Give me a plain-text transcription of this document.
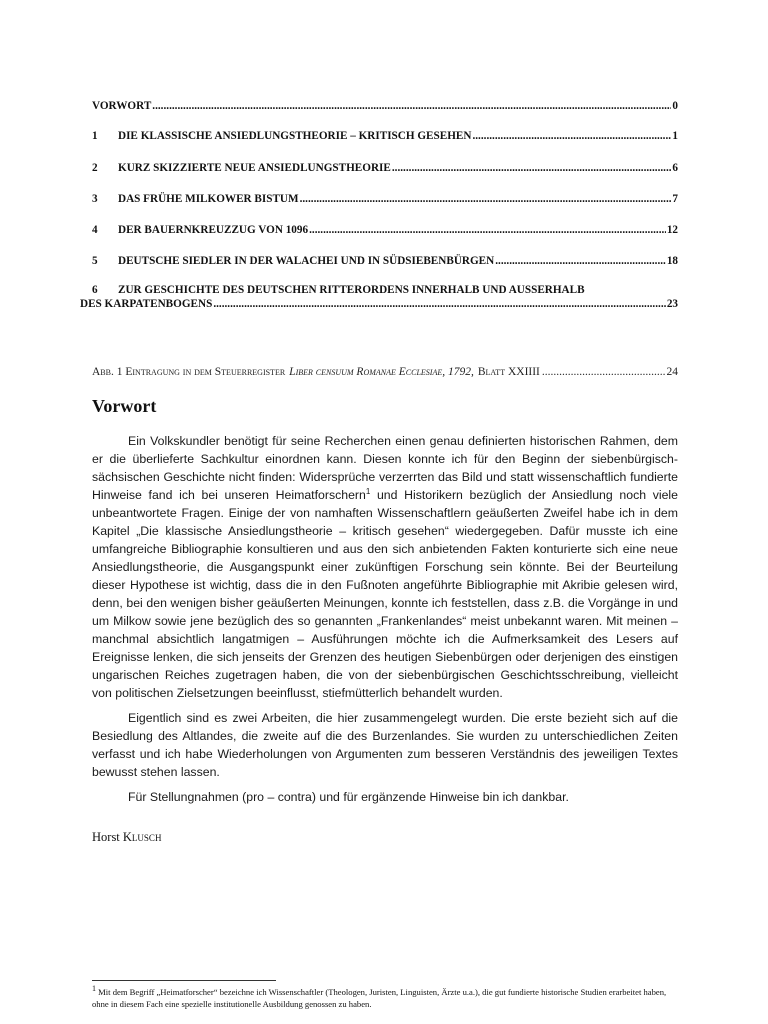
VORWORT .....	0
1	DIE KLASSISCHE ANSIEDLUNGSTHEORIE – KRITISCH GESEHEN .....	1
2	KURZ SKIZZIERTE NEUE ANSIEDLUNGSTHEORIE .....	6
3	DAS FRÜHE MILKOWER BISTUM .....	7
4	DER BAUERNKREUZZUG VON 1096 .....	12
5	DEUTSCHE SIEDLER IN DER WALACHEI UND IN SÜDSIEBENBÜRGEN .....	18
6	ZUR GESCHICHTE DES DEUTSCHEN RITTERORDENS INNERHALB UND AUSSERHALB
DES KARPATENBOGENS .....	23
Abb. 1 Eintragung in dem Steuerregister Liber censuum Romanae Ecclesiae, 1792, Blatt XXIIII .....	24
Vorwort

Ein Volkskundler benötigt für seine Recherchen einen genau definierten historischen Rahmen, dem er die überlieferte Sachkultur einordnen kann. Diesen konnte ich für den Beginn der siebenbürgisch-sächsischen Geschichte nicht finden: Widersprüche verzerrten das Bild und statt wissenschaftlich fundierte Hinweise fand ich bei unseren Heimatforschern$^1$ und Historikern bezüglich der Ansiedlung noch viele unbeantwortete Fragen. Einige der von namhaften Wissenschaftlern geäußerten Zweifel habe ich in dem Kapitel „Die klassische Ansiedlungstheorie – kritisch gesehen“ wiedergegeben. Dafür musste ich eine umfangreiche Bibliographie konsultieren und aus den sich anbietenden Fakten konturierte sich eine neue Ansiedlungstheorie, die Ausgangspunkt einer zukünftigen Forschung sein könnte. Bei der Beurteilung dieser Hypothese ist wichtig, dass die in den Fußnoten angeführte Bibliographie mit Akribie gelesen wird, denn, bei den wenigen bisher geäußerten Meinungen, konnte ich feststellen, dass z.B. die Vorgänge in und um Milkow sowie jene bezüglich des so genannten „Frankenlandes“ meist unbekannt waren. Mit meinen – manchmal absichtlich langatmigen – Ausführungen möchte ich die Aufmerksamkeit des Lesers auf Ereignisse lenken, die sich jenseits der Grenzen des heutigen Siebenbürgen oder derjenigen des einstigen ungarischen Reiches zugetragen haben, die von der siebenbürgischen Geschichtsschreibung, vielleicht von politischen Zielsetzungen beeinflusst, stiefmütterlich behandelt wurden.

Eigentlich sind es zwei Arbeiten, die hier zusammengelegt wurden. Die erste bezieht sich auf die Besiedlung des Altlandes, die zweite auf die des Burzenlandes. Sie wurden zu unterschiedlichen Zeiten verfasst und ich habe Wiederholungen von Argumenten zum besseren Verständnis des jeweiligen Textes bewusst stehen lassen.

Für Stellungnahmen (pro – contra) und für ergänzende Hinweise bin ich dankbar.

Horst Klusch
$^1$ Mit dem Begriff „Heimatforscher“ bezeichne ich Wissenschaftler (Theologen, Juristen, Linguisten, Ärzte u.a.), die gut fundierte historische Studien erarbeitet haben, ohne in diesem Fach eine spezielle institutionelle Ausbildung genossen zu haben.
